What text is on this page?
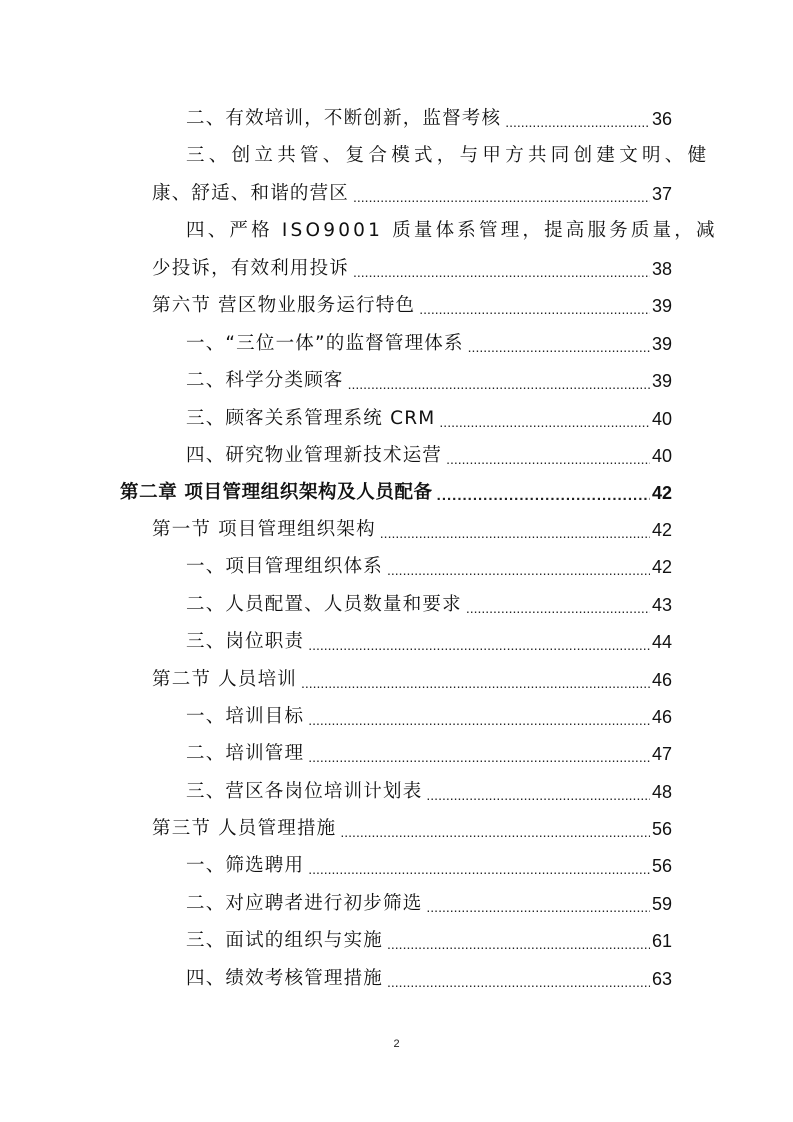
二、有效培训，不断创新，监督考核 .....	36
三、创立共管、复合模式，与甲方共同创建文明、健
康、舒适、和谐的营区 .....	37
四、严格 ISO9001 质量体系管理，提高服务质量，减
少投诉，有效利用投诉 .....	38
第六节 营区物业服务运行特色 .....	39
一、“三位一体”的监督管理体系 .....	39
二、科学分类顾客 .....	39
三、顾客关系管理系统 CRM .....	40
四、研究物业管理新技术运营 .....	40
第二章 项目管理组织架构及人员配备 .....	42
第一节 项目管理组织架构 .....	42
一、项目管理组织体系 .....	42
二、人员配置、人员数量和要求 .....	43
三、岗位职责 .....	44
第二节 人员培训 .....	46
一、培训目标 .....	46
二、培训管理 .....	47
三、营区各岗位培训计划表 .....	48
第三节 人员管理措施 .....	56
一、筛选聘用 .....	56
二、对应聘者进行初步筛选 .....	59
三、面试的组织与实施 .....	61
四、绩效考核管理措施 .....	63
2
